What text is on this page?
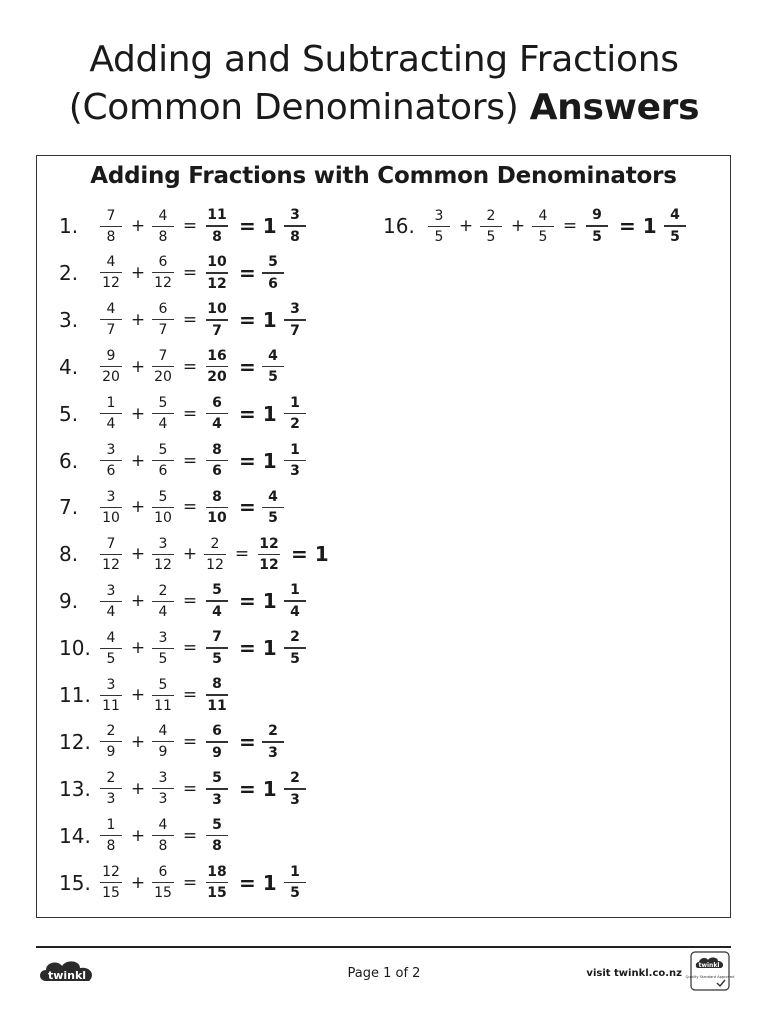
Adding and Subtracting Fractions
(Common Denominators) Answers
Adding Fractions with Common Denominators
1. 7
8
+
4
8
=
11
8 = 1 3
8
2. 4
12
+
6
12
=
10
12 = 5
6
3. 4
7
+
6
7
=
10
7 = 1 3
7
4. 9
20
+
7
20
=
16
20 = 4
5
5. 1
4
+
5
4
=
6
4 = 1 1
2
6. 3
6
+
5
6
=
8
6 = 1 1
3
7. 3
10
+
5
10
=
8
10 = 4
5
8. 7
12
+
3
12
+
2
12
=
12
12 = 1
9. 3
4
+
2
4
=
5
4 = 1 1
4
10. 4
5
+
3
5
=
7
5 = 1 2
5
11. 3
11
+
5
11
=
8
11
12. 2
9
+
4
9
=
6
9 = 2
3
13. 2
3
+
3
3
=
5
3 = 1 2
3
14. 1
8
+
4
8
=
5
8
15. 12
15
+
6
15
=
18
15 = 1 1
5
16. 3
5
+
2
5
+
4
5
=
9
5 = 1 4
5
twinkl	Page 1 of 2	visit twinkl.co.nz
twinkl
Quality Standard Approved
